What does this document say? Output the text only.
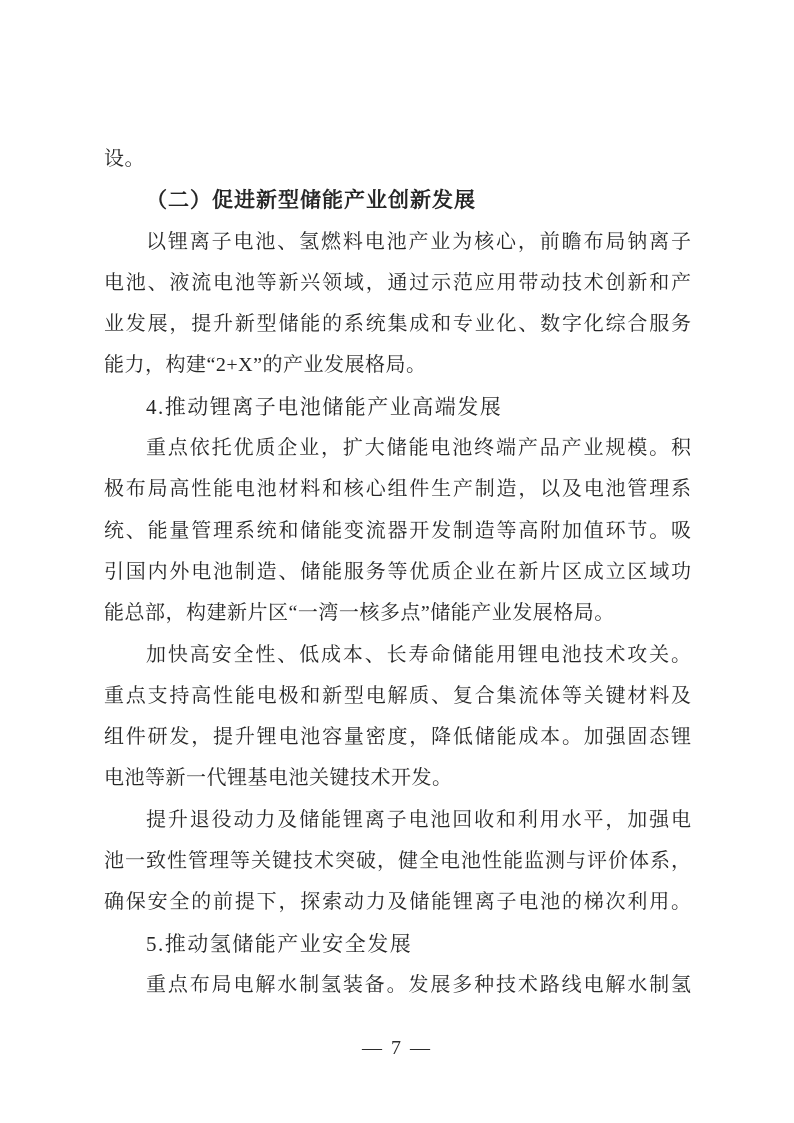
设。
（二）促进新型储能产业创新发展
以锂离子电池、氢燃料电池产业为核心，前瞻布局钠离子
电池、液流电池等新兴领域，通过示范应用带动技术创新和产
业发展，提升新型储能的系统集成和专业化、数字化综合服务
能力，构建“2+X”的产业发展格局。
4.推动锂离子电池储能产业高端发展
重点依托优质企业，扩大储能电池终端产品产业规模。积
极布局高性能电池材料和核心组件生产制造，以及电池管理系
统、能量管理系统和储能变流器开发制造等高附加值环节。吸
引国内外电池制造、储能服务等优质企业在新片区成立区域功
能总部，构建新片区“一湾一核多点”储能产业发展格局。
加快高安全性、低成本、长寿命储能用锂电池技术攻关。
重点支持高性能电极和新型电解质、复合集流体等关键材料及
组件研发，提升锂电池容量密度，降低储能成本。加强固态锂
电池等新一代锂基电池关键技术开发。
提升退役动力及储能锂离子电池回收和利用水平，加强电
池一致性管理等关键技术突破，健全电池性能监测与评价体系，
确保安全的前提下，探索动力及储能锂离子电池的梯次利用。
5.推动氢储能产业安全发展
重点布局电解水制氢装备。发展多种技术路线电解水制氢
— 7 —
